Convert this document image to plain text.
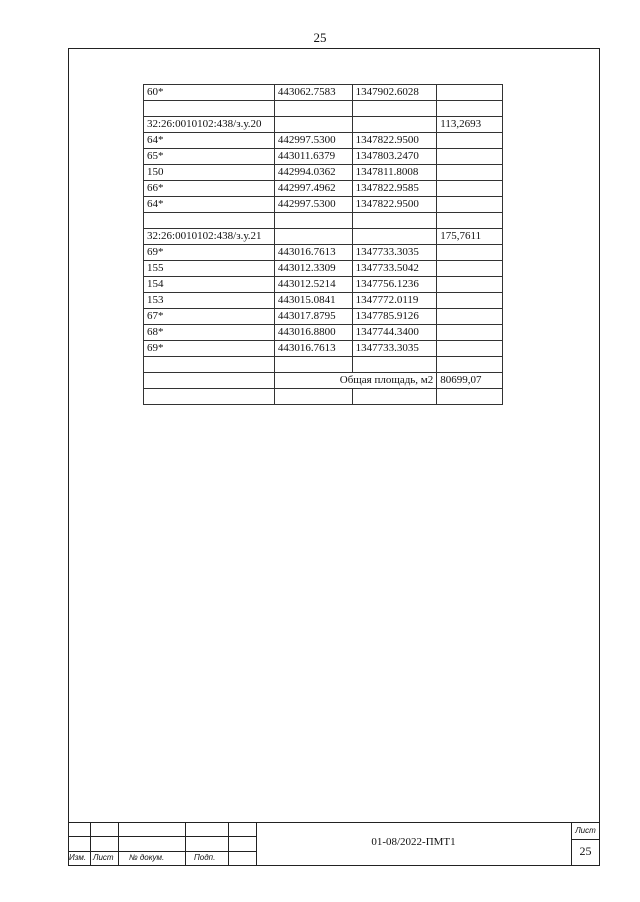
25
60*	443062.7583	1347902.6028	

32:26:0010102:438/з.у.20			113,2693
64*	442997.5300	1347822.9500	
65*	443011.6379	1347803.2470	
150	442994.0362	1347811.8008	
66*	442997.4962	1347822.9585	
64*	442997.5300	1347822.9500	

32:26:0010102:438/з.у.21			175,7611
69*	443016.7613	1347733.3035	
155	443012.3309	1347733.5042	
154	443012.5214	1347756.1236	
153	443015.0841	1347772.0119	
67*	443017.8795	1347785.9126	
68*	443016.8800	1347744.3400	
69*	443016.7613	1347733.3035	

	Общая площадь, м2		80699,07

Изм. Лист № докум.	Подп.
01-08/2022-ПМТ1
Лист
25
